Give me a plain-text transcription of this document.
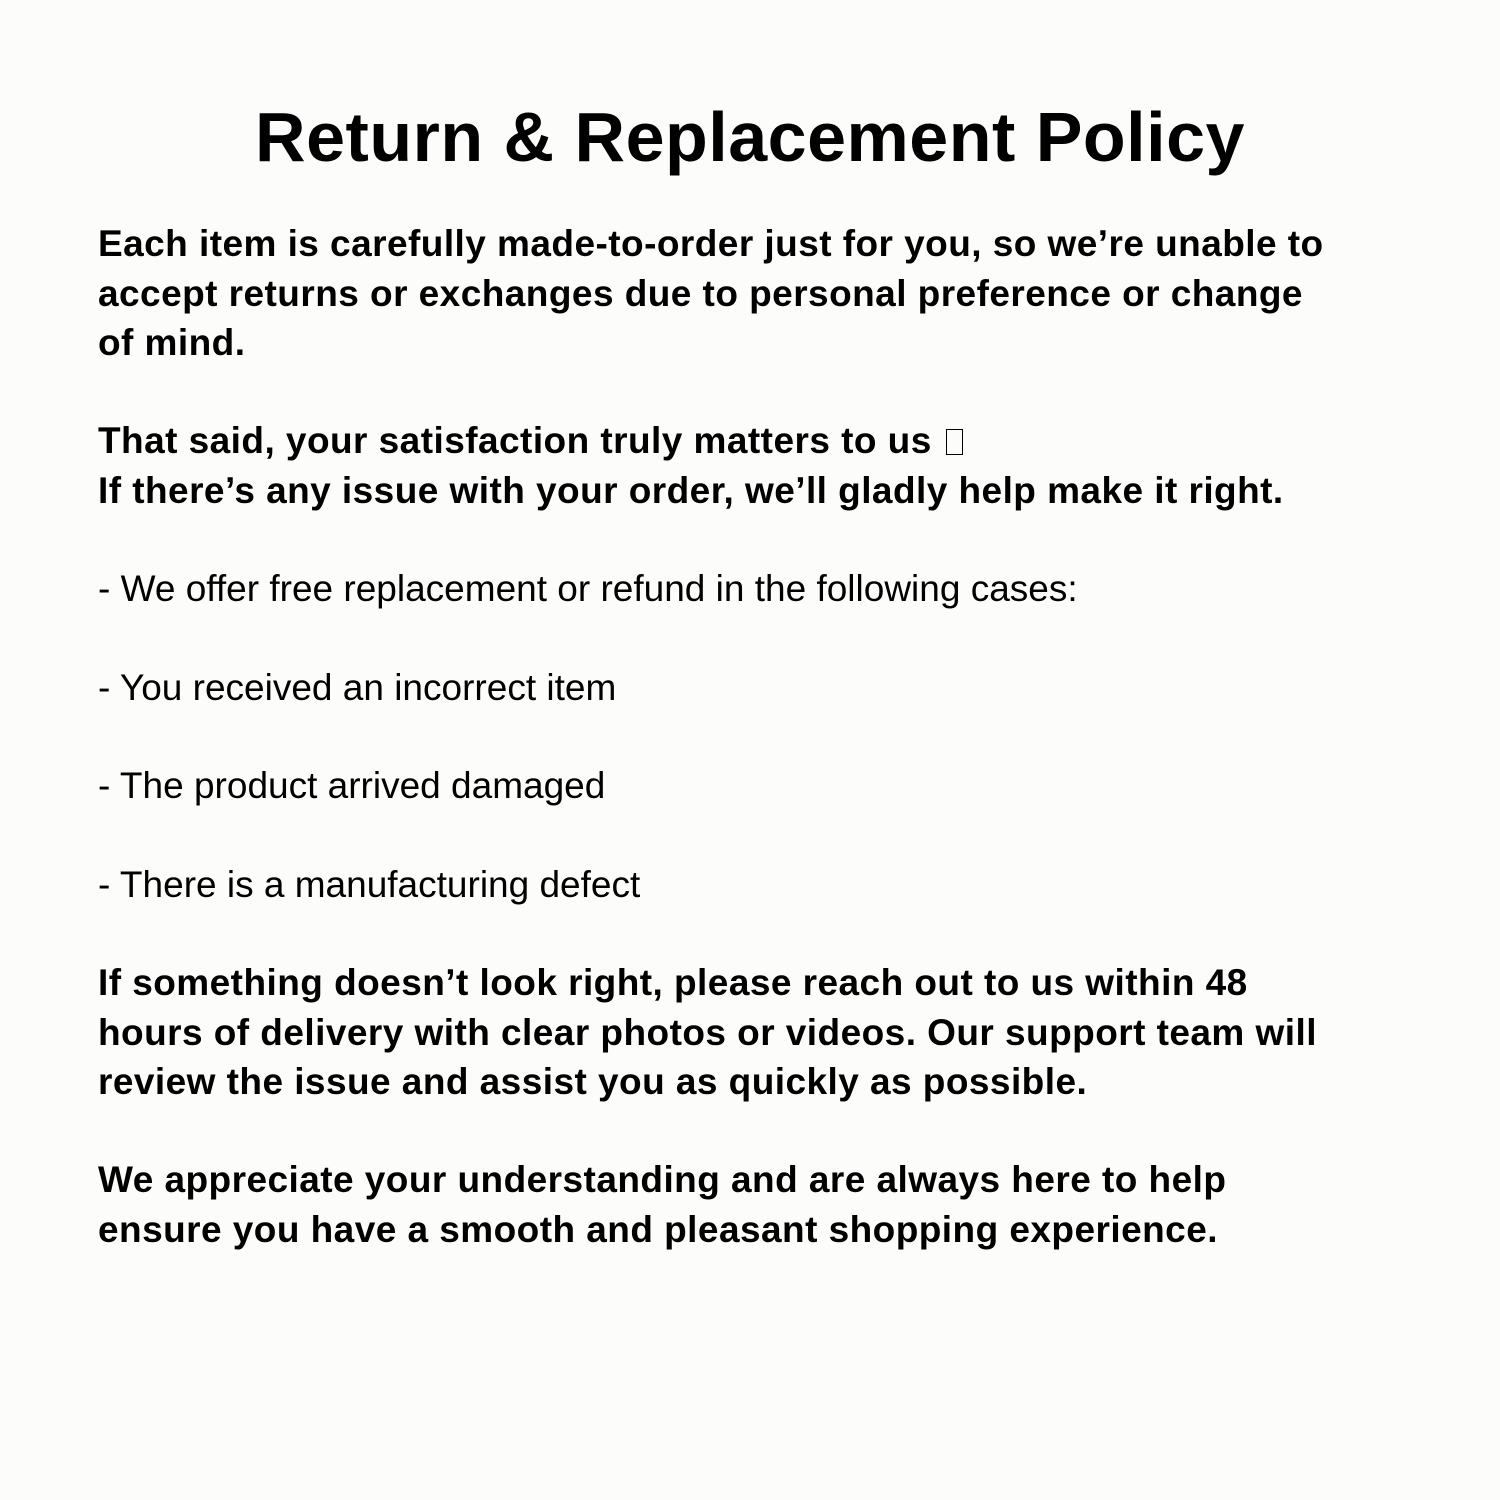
Return & Replacement Policy

Each item is carefully made-to-order just for you, so we’re unable to
accept returns or exchanges due to personal preference or change
of mind.

That said, your satisfaction truly matters to us
If there’s any issue with your order, we’ll gladly help make it right.

- We offer free replacement or refund in the following cases:

- You received an incorrect item

- The product arrived damaged

- There is a manufacturing defect

If something doesn’t look right, please reach out to us within 48
hours of delivery with clear photos or videos. Our support team will
review the issue and assist you as quickly as possible.

We appreciate your understanding and are always here to help
ensure you have a smooth and pleasant shopping experience.
